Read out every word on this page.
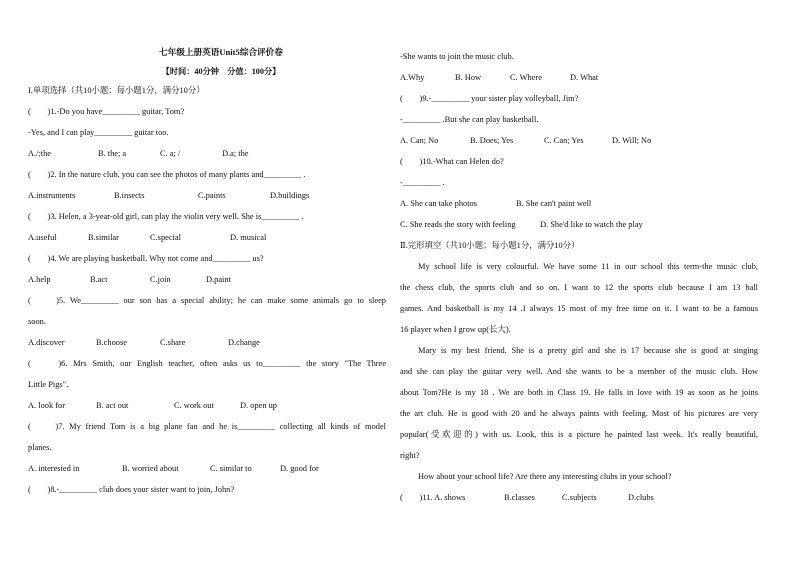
七年级上册英语Unit5综合评价卷
【时间：40分钟　分值：100分】
I.单项选择（共10小题；每小题1分，满分10分）
(　　)1.-Do you have_________ guitar, Tom?
-Yes, and I can play_________ guitar too.
A./;the	B. the; a	C. a; /	D.a; the
(　　)2. In the nature club, you can see the photos of many plants and_________ .
A.instruments	B.insects	C.paints	D.buildings
(　　)3. Helen, a 3-year-old girl, can play the violin very well. She is_________ .
A.useful	B.similar	C.special	D. musical
(　　)4. We are playing basketball. Why not come and_________ us?
A.help	B.act	C.join	D.paint
(　　)5. We_________ our son has a special ability; he can make some animals go to sleep
soon.
A.discover	B.choose	C.share	D.change
(　　)6. Mrs Smith, our English teacher, often asks us to_________ the story "The Three
Little Pigs".
A. look for	B. act out	C. work out	D. open up
(　　)7. My friend Tom is a big plane fan and he is_________ collecting all kinds of model
planes.
A. interested in	B. worried about	C. similar to	D. good for
(　　)8.-_________ club does your sister want to join, John?
-She wants to join the music club.
A.Why	B. How	C. Where	D. What
(　　)9.-_________ your sister play volleyball, Jim?
-_________ .But she can play basketball.
A. Can; No	B. Does; Yes	C. Can; Yes	D. Will; No
(　　)10.-What can Helen do?
-_________ .
A. She can take photos	B. She can't paint well
C. She reads the story with feeling	D. She'd like to watch the play
Ⅱ.完形填空（共10小题；每小题1分，满分10分）
My school life is very colourful. We have some 11 in our school this term-the music club,
the chess club, the sports club and so on. I want to 12 the sports club because I am 13 ball
games. And basketball is my 14 .I always 15 most of my free time on it. I want to be a famous
16 player when I grow up(长大).
Mary is my best friend. She is a pretty girl and she is 17 because she is good at singing
and she can play the guitar very well. And she wants to be a member of the music club. How
about Tom?He is my 18 . We are both in Class 19. He falls in love with 19 as soon as he joins
the art club. He is good with 20 and he always paints with feeling. Most of his pictures are very
popular(受欢迎的) with us. Look, this is a picture he painted last week. It's really beautiful,
right?
How about your school life? Are there any interesting clubs in your school?
(　　)11. A. shows	B.classes	C.subjects	D.clubs
